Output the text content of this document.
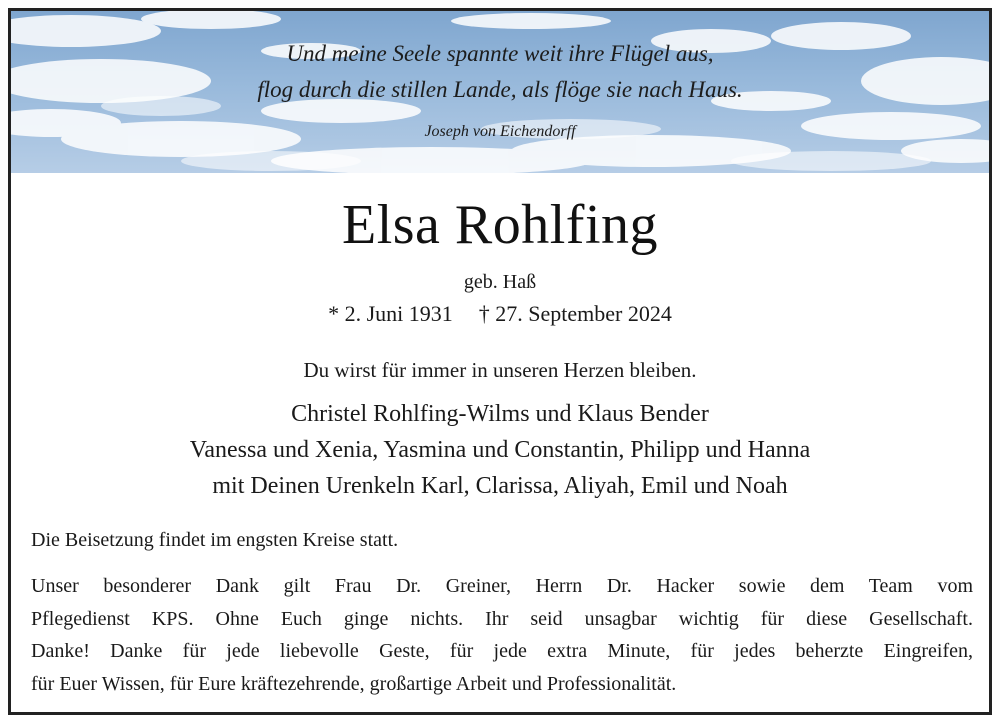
Und meine Seele spannte weit ihre Flügel aus,
flog durch die stillen Lande, als flöge sie nach Haus.
Joseph von Eichendorff
Elsa Rohlfing
geb. Haß
* 2. Juni 1931 † 27. September 2024
Du wirst für immer in unseren Herzen bleiben.
Christel Rohlfing-Wilms und Klaus Bender
Vanessa und Xenia, Yasmina und Constantin, Philipp und Hanna
mit Deinen Urenkeln Karl, Clarissa, Aliyah, Emil und Noah
Die Beisetzung findet im engsten Kreise statt.
Unser besonderer Dank gilt Frau Dr. Greiner, Herrn Dr. Hacker sowie dem Team vom
Pflegedienst KPS. Ohne Euch ginge nichts. Ihr seid unsagbar wichtig für diese Gesellschaft.
Danke! Danke für jede liebevolle Geste, für jede extra Minute, für jedes beherzte Eingreifen,
für Euer Wissen, für Eure kräftezehrende, großartige Arbeit und Professionalität.
